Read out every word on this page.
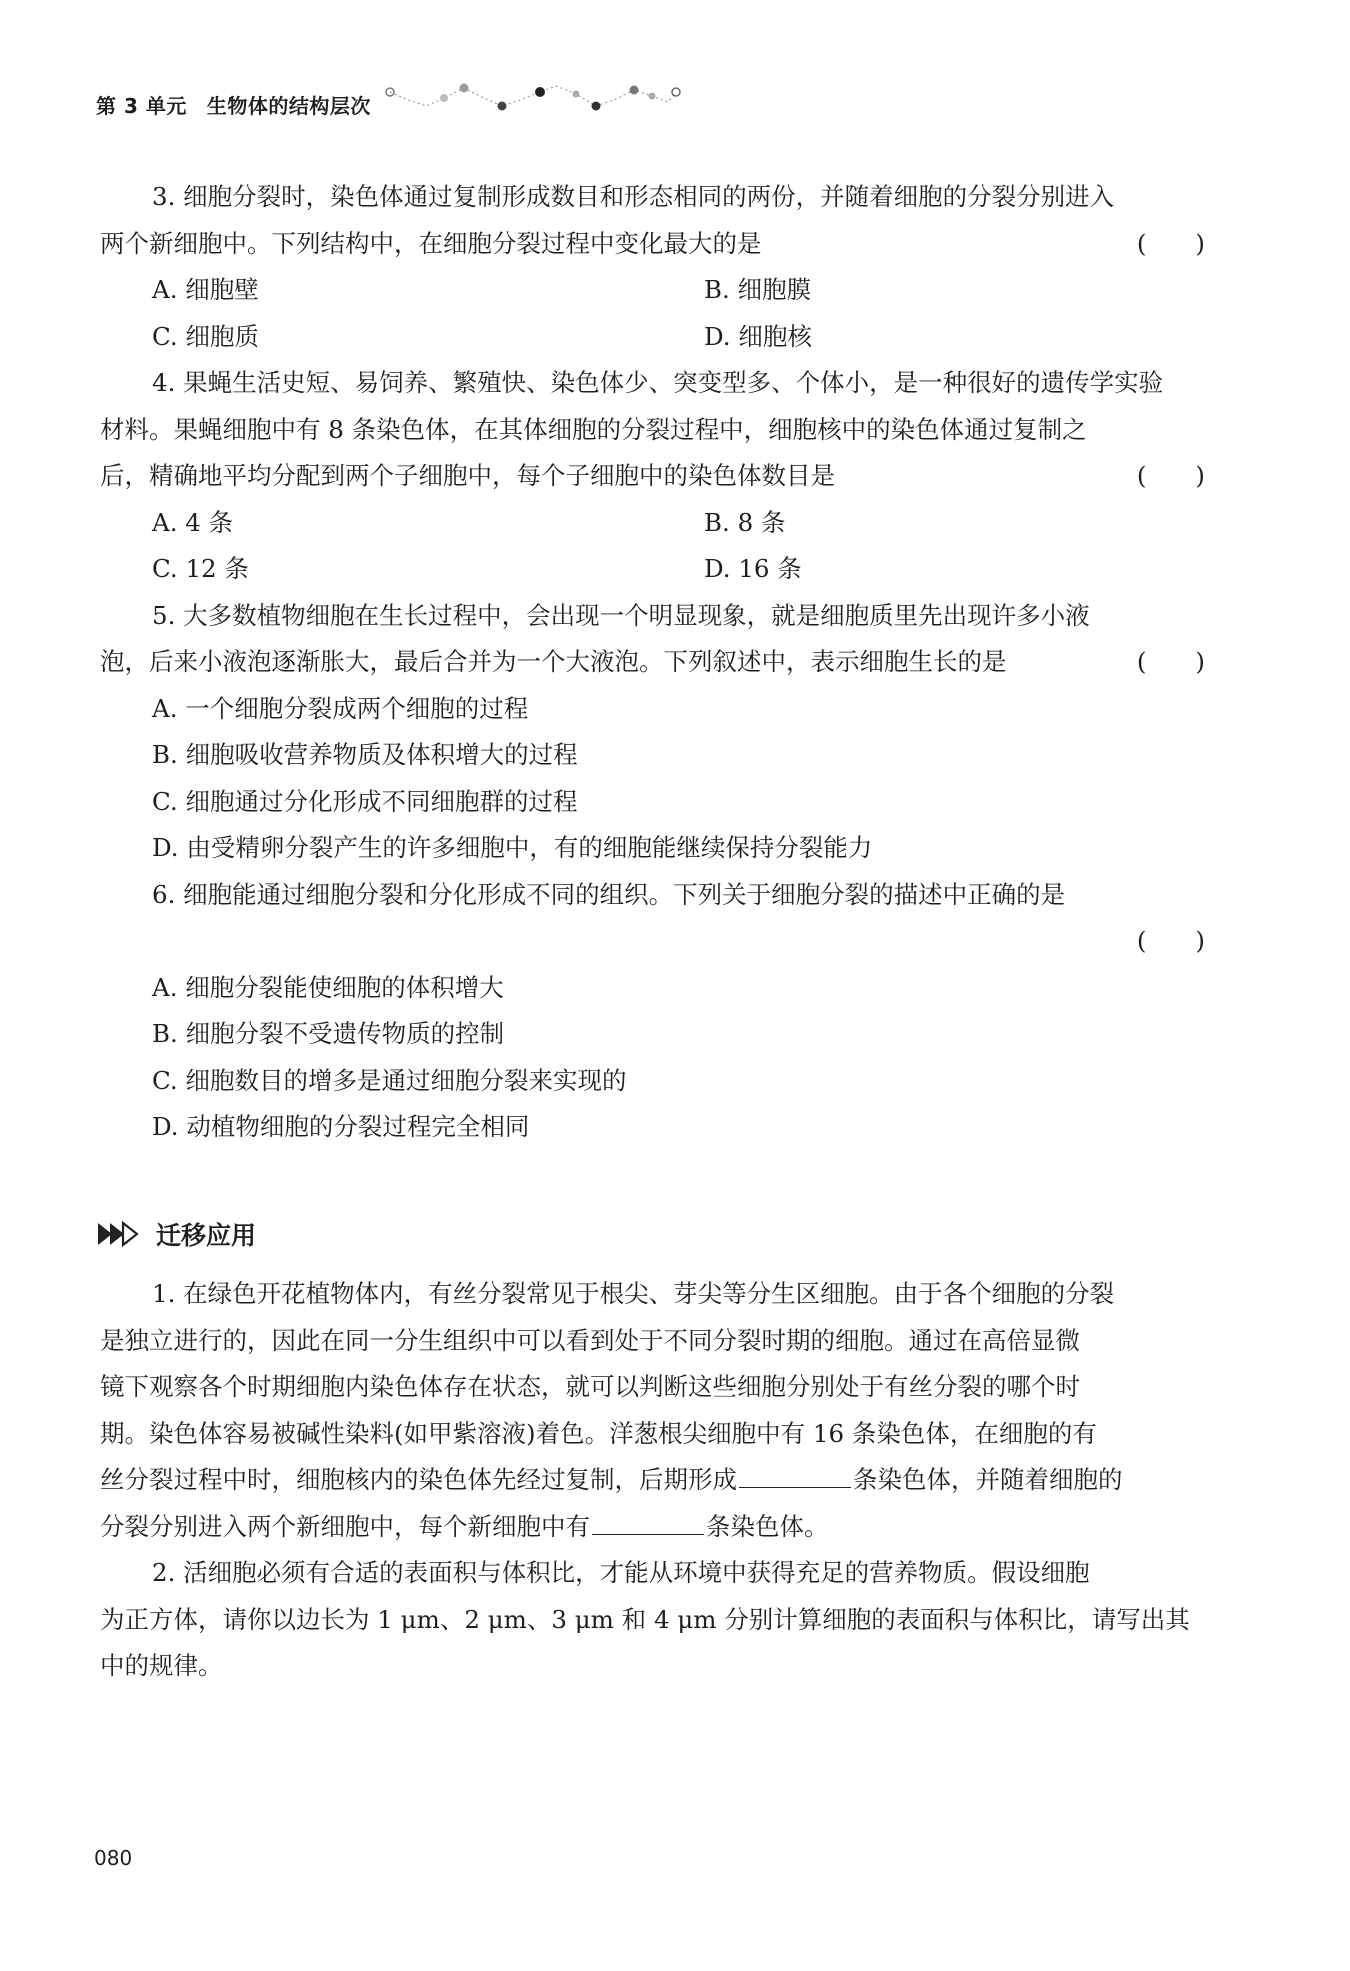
第 3 单元 生物体的结构层次
3. 细胞分裂时，染色体通过复制形成数目和形态相同的两份，并随着细胞的分裂分别进入
两个新细胞中。下列结构中，在细胞分裂过程中变化最大的是	(　　)
A. 细胞壁	B. 细胞膜
C. 细胞质	D. 细胞核
4. 果蝇生活史短、易饲养、繁殖快、染色体少、突变型多、个体小，是一种很好的遗传学实验
材料。果蝇细胞中有 8 条染色体，在其体细胞的分裂过程中，细胞核中的染色体通过复制之
后，精确地平均分配到两个子细胞中，每个子细胞中的染色体数目是	(　　)
A. 4 条	B. 8 条
C. 12 条	D. 16 条
5. 大多数植物细胞在生长过程中，会出现一个明显现象，就是细胞质里先出现许多小液
泡，后来小液泡逐渐胀大，最后合并为一个大液泡。下列叙述中，表示细胞生长的是	(　　)
A. 一个细胞分裂成两个细胞的过程
B. 细胞吸收营养物质及体积增大的过程
C. 细胞通过分化形成不同细胞群的过程
D. 由受精卵分裂产生的许多细胞中，有的细胞能继续保持分裂能力
6. 细胞能通过细胞分裂和分化形成不同的组织。下列关于细胞分裂的描述中正确的是
(　　)
A. 细胞分裂能使细胞的体积增大
B. 细胞分裂不受遗传物质的控制
C. 细胞数目的增多是通过细胞分裂来实现的
D. 动植物细胞的分裂过程完全相同
迁移应用
1. 在绿色开花植物体内，有丝分裂常见于根尖、芽尖等分生区细胞。由于各个细胞的分裂
是独立进行的，因此在同一分生组织中可以看到处于不同分裂时期的细胞。通过在高倍显微
镜下观察各个时期细胞内染色体存在状态，就可以判断这些细胞分别处于有丝分裂的哪个时
期。染色体容易被碱性染料(如甲紫溶液)着色。洋葱根尖细胞中有 16 条染色体，在细胞的有
丝分裂过程中时，细胞核内的染色体先经过复制，后期形成	条染色体，并随着细胞的
分裂分别进入两个新细胞中，每个新细胞中有	条染色体。
2. 活细胞必须有合适的表面积与体积比，才能从环境中获得充足的营养物质。假设细胞
为正方体，请你以边长为 1 μm、2 μm、3 μm 和 4 μm 分别计算细胞的表面积与体积比，请写出其
中的规律。
080
